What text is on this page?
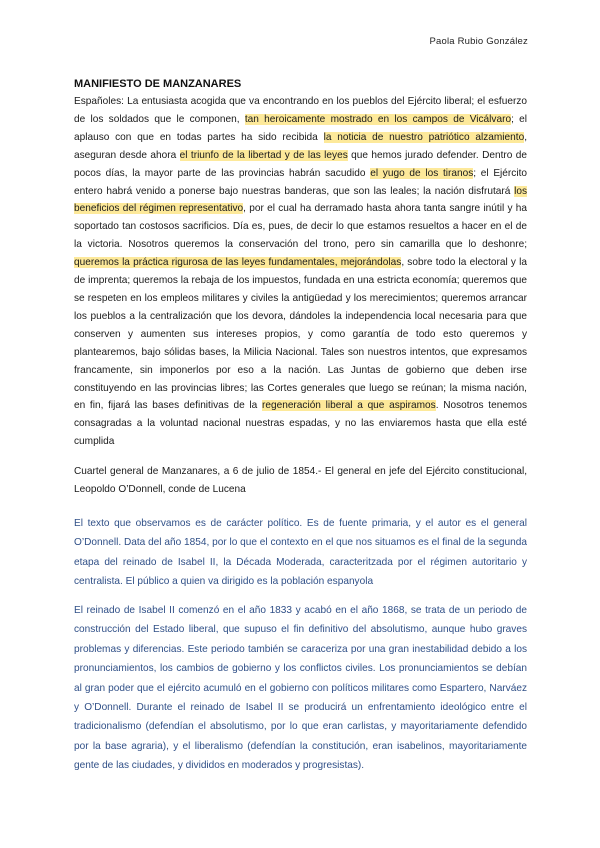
Paola Rubio González
MANIFIESTO DE MANZANARES

Españoles: La entusiasta acogida que va encontrando en los pueblos del Ejército liberal; el esfuerzo de los soldados que le componen, tan heroicamente mostrado en los campos de Vicálvaro; el aplauso con que en todas partes ha sido recibida la noticia de nuestro patriótico alzamiento, aseguran desde ahora el triunfo de la libertad y de las leyes que hemos jurado defender. Dentro de pocos días, la mayor parte de las provincias habrán sacudido el yugo de los tiranos; el Ejército entero habrá venido a ponerse bajo nuestras banderas, que son las leales; la nación disfrutará los beneficios del régimen representativo, por el cual ha derramado hasta ahora tanta sangre inútil y ha soportado tan costosos sacrificios. Día es, pues, de decir lo que estamos resueltos a hacer en el de la victoria. Nosotros queremos la conservación del trono, pero sin camarilla que lo deshonre; queremos la práctica rigurosa de las leyes fundamentales, mejorándolas, sobre todo la electoral y la de imprenta; queremos la rebaja de los impuestos, fundada en una estricta economía; queremos que se respeten en los empleos militares y civiles la antigüedad y los merecimientos; queremos arrancar los pueblos a la centralización que los devora, dándoles la independencia local necesaria para que conserven y aumenten sus intereses propios, y como garantía de todo esto queremos y plantearemos, bajo sólidas bases, la Milicia Nacional. Tales son nuestros intentos, que expresamos francamente, sin imponerlos por eso a la nación. Las Juntas de gobierno que deben irse constituyendo en las provincias libres; las Cortes generales que luego se reúnan; la misma nación, en fin, fijará las bases definitivas de la regeneración liberal a que aspiramos. Nosotros tenemos consagradas a la voluntad nacional nuestras espadas, y no las enviaremos hasta que ella esté cumplida

Cuartel general de Manzanares, a 6 de julio de 1854.- El general en jefe del Ejército constitucional, Leopoldo O’Donnell, conde de Lucena

El texto que observamos es de carácter político. Es de fuente primaria, y el autor es el general O’Donnell. Data del año 1854, por lo que el contexto en el que nos situamos es el final de la segunda etapa del reinado de Isabel II, la Década Moderada, caracteritzada por el régimen autoritario y centralista. El público a quien va dirigido es la población espanyola

El reinado de Isabel II comenzó en el año 1833 y acabó en el año 1868, se trata de un periodo de construcción del Estado liberal, que supuso el fin definitivo del absolutismo, aunque hubo graves problemas y diferencias. Este periodo también se caraceriza por una gran inestabilidad debido a los pronunciamientos, los cambios de gobierno y los conflictos civiles. Los pronunciamientos se debían al gran poder que el ejército acumuló en el gobierno con políticos militares como Espartero, Narváez y O’Donnell. Durante el reinado de Isabel II se producirá un enfrentamiento ideológico entre el tradicionalismo (defendían el absolutismo, por lo que eran carlistas, y mayoritariamente defendido por la base agraria), y el liberalismo (defendían la constitución, eran isabelinos, mayoritariamente gente de las ciudades, y divididos en moderados y progresistas).
